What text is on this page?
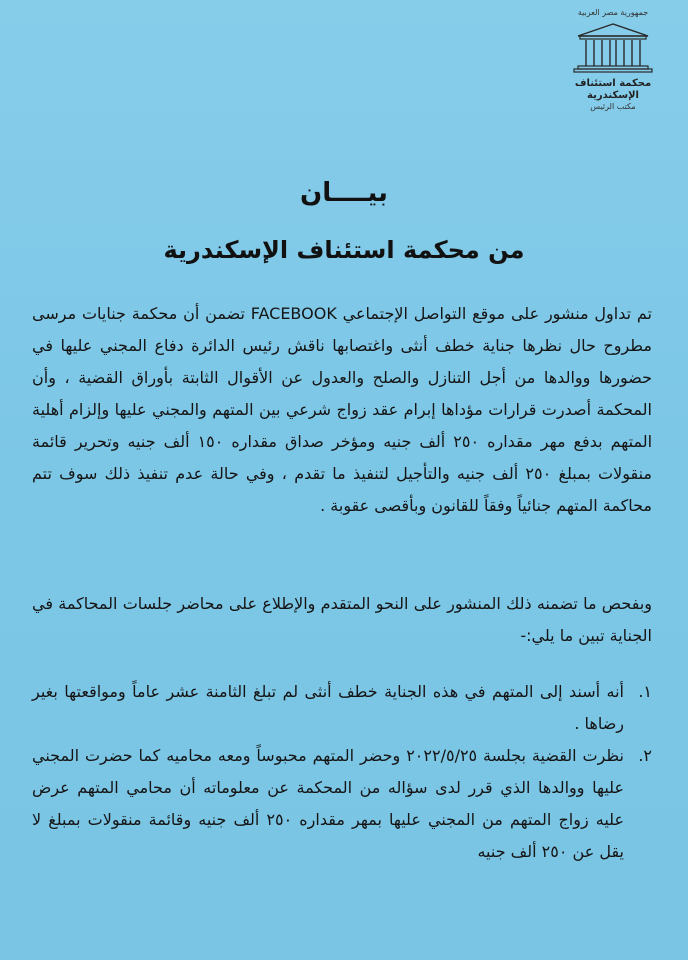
جمهورية مصر العربية
محكمة استئناف الإسكندرية
مكتب الرئيس
بيــــان
من محكمة استئناف الإسكندرية
تم تداول منشور على موقع التواصل الإجتماعي FACEBOOK تضمن أن محكمة جنايات مرسى مطروح حال نظرها جناية خطف أنثى واغتصابها ناقش رئيس الدائرة دفاع المجني عليها في حضورها ووالدها من أجل التنازل والصلح والعدول عن الأقوال الثابتة بأوراق القضية ، وأن المحكمة أصدرت قرارات مؤداها إبرام عقد زواج شرعي بين المتهم والمجني عليها وإلزام أهلية المتهم بدفع مهر مقداره ٢٥٠ ألف جنيه ومؤخر صداق مقداره ١٥٠ ألف جنيه وتحرير قائمة منقولات بمبلغ ٢٥٠ ألف جنيه والتأجيل لتنفيذ ما تقدم ، وفي حالة عدم تنفيذ ذلك سوف تتم محاكمة المتهم جنائياً وفقاً للقانون وبأقصى عقوبة .
وبفحص ما تضمنه ذلك المنشور على النحو المتقدم والإطلاع على محاضر جلسات المحاكمة في الجناية تبين ما يلي:-
١.
أنه أسند إلى المتهم في هذه الجناية خطف أنثى لم تبلغ الثامنة عشر عاماً ومواقعتها بغير رضاها .
٢.
نظرت القضية بجلسة ٢٠٢٢/٥/٢٥ وحضر المتهم محبوساً ومعه محاميه كما حضرت المجني عليها ووالدها الذي قرر لدى سؤاله من المحكمة عن معلوماته أن محامي المتهم عرض عليه زواج المتهم من المجني عليها بمهر مقداره ٢٥٠ ألف جنيه وقائمة منقولات بمبلغ لا يقل عن ٢٥٠ ألف جنيه
